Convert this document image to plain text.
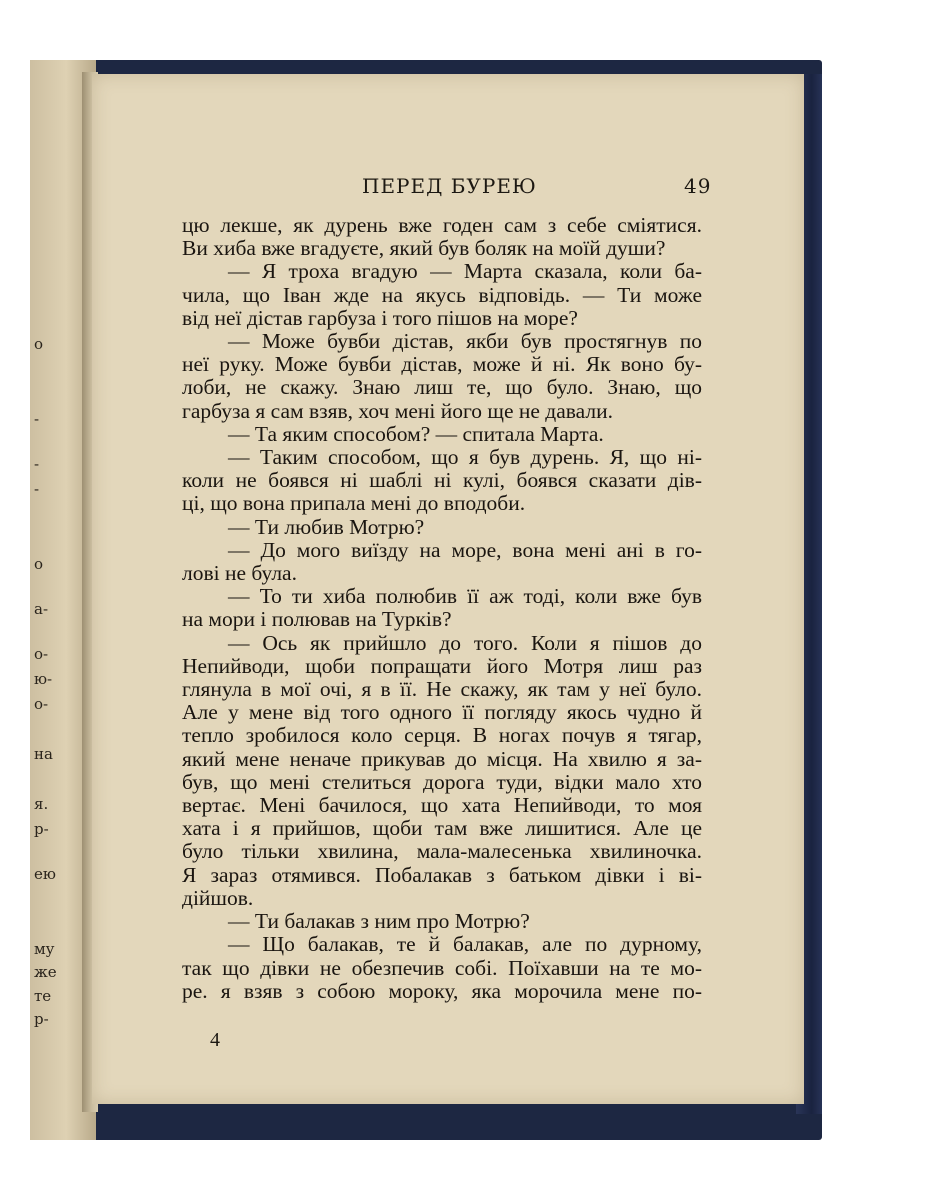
о
-
-
-
о
а-
о-
ю-
о-
на
я.
р-
ею
му
же
те
р-
ПЕРЕД БУРЕЮ	49
цю лекше, як дурень вже годен сам з себе сміятися.
Ви хиба вже вгадуєте, який був боляк на моїй души?
— Я троха вгадую — Марта сказала, коли ба-
чила, що Іван жде на якусь відповідь. — Ти може
від неї дістав гарбуза і того пішов на море?
— Може бувби дістав, якби був простягнув по
неї руку. Може бувби дістав, може й ні. Як воно бу-
лоби, не скажу. Знаю лиш те, що було. Знаю, що
гарбуза я сам взяв, хоч мені його ще не давали.
— Та яким способом? — спитала Марта.
— Таким способом, що я був дурень. Я, що ні-
коли не боявся ні шаблі ні кулі, боявся сказати дів-
ці, що вона припала мені до вподоби.
— Ти любив Мотрю?
— До мого виїзду на море, вона мені ані в го-
лові не була.
— То ти хиба полюбив її аж тоді, коли вже був
на мори і полював на Турків?
— Ось як прийшло до того. Коли я пішов до
Непийводи, щоби попращати його Мотря лиш раз
глянула в мої очі, я в її. Не скажу, як там у неї було.
Але у мене від того одного її погляду якось чудно й
тепло зробилося коло серця. В ногах почув я тягар,
який мене неначе прикував до місця. На хвилю я за-
був, що мені стелиться дорога туди, відки мало хто
вертає. Мені бачилося, що хата Непийводи, то моя
хата і я прийшов, щоби там вже лишитися. Але це
було тільки хвилина, мала-малесенька хвилиночка.
Я зараз отямився. Побалакав з батьком дівки і ві-
дійшов.
— Ти балакав з ним про Мотрю?
— Що балакав, те й балакав, але по дурному,
так що дівки не обезпечив собі. Поїхавши на те мо-
ре. я взяв з собою мороку, яка морочила мене по-
4
